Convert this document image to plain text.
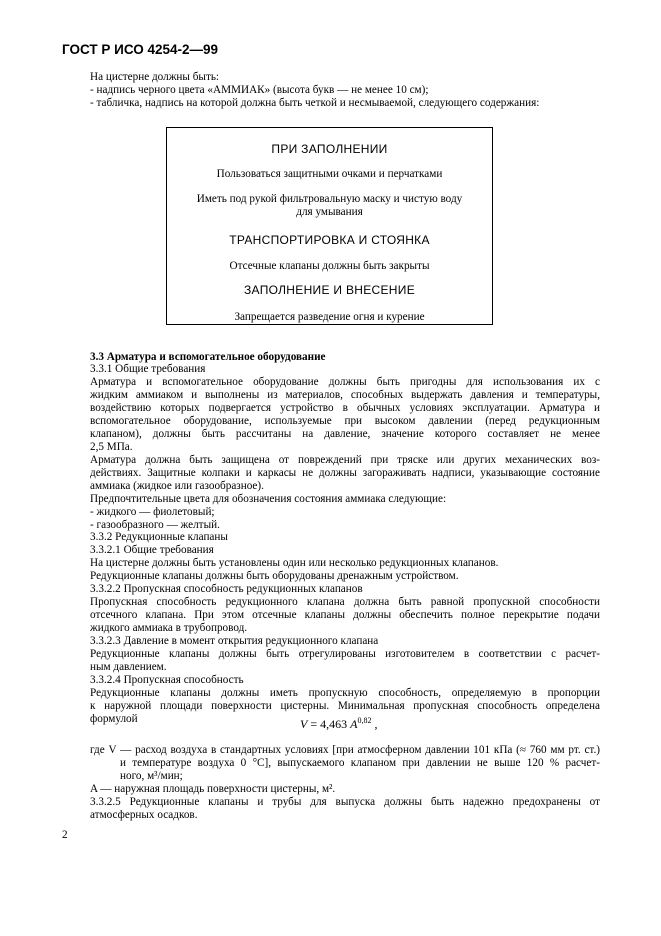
ГОСТ Р ИСО 4254-2—99
На цистерне должны быть:
- надпись черного цвета «АММИАК» (высота букв — не менее 10 см);
- табличка, надпись на которой должна быть четкой и несмываемой, следующего содержания:
ПРИ ЗАПОЛНЕНИИ
Пользоваться защитными очками и перчатками
Иметь под рукой фильтровальную маску и чистую воду
для умывания
ТРАНСПОРТИРОВКА И СТОЯНКА
Отсечные клапаны должны быть закрыты
ЗАПОЛНЕНИЕ И ВНЕСЕНИЕ
Запрещается разведение огня и курение
3.3 Арматура и вспомогательное оборудование
3.3.1 Общие требования
Арматура и вспомогательное оборудование должны быть пригодны для использования их с
жидким аммиаком и выполнены из материалов, способных выдержать давления и температуры,
воздействию которых подвергается устройство в обычных условиях эксплуатации. Арматура и
вспомогательное оборудование, используемые при высоком давлении (перед редукционным
клапаном), должны быть рассчитаны на давление, значение которого составляет не менее
2,5 МПа.
Арматура должна быть защищена от повреждений при тряске или других механических воз-
действиях. Защитные колпаки и каркасы не должны загораживать надписи, указывающие состояние
аммиака (жидкое или газообразное).
Предпочтительные цвета для обозначения состояния аммиака следующие:
- жидкого — фиолетовый;
- газообразного — желтый.
3.3.2 Редукционные клапаны
3.3.2.1 Общие требования
На цистерне должны быть установлены один или несколько редукционных клапанов.
Редукционные клапаны должны быть оборудованы дренажным устройством.
3.3.2.2 Пропускная способность редукционных клапанов
Пропускная способность редукционного клапана должна быть равной пропускной способности
отсечного клапана. При этом отсечные клапаны должны обеспечить полное перекрытие подачи
жидкого аммиака в трубопровод.
3.3.2.3 Давление в момент открытия редукционного клапана
Редукционные клапаны должны быть отрегулированы изготовителем в соответствии с расчет-
ным давлением.
3.3.2.4 Пропускная способность
Редукционные клапаны должны иметь пропускную способность, определяемую в пропорции
к наружной площади поверхности цистерны. Минимальная пропускная способность определена
формулой	V = 4,463 A$^{0,82}$ ,
где V — расход воздуха в стандартных условиях [при атмосферном давлении 101 кПа (≈ 760 мм рт. ст.)
и температуре воздуха 0 °С], выпускаемого клапаном при давлении не выше 120 % расчет-
ного, м³/мин;
A — наружная площадь поверхности цистерны, м².
3.3.2.5 Редукционные клапаны и трубы для выпуска должны быть надежно предохранены от
атмосферных осадков.
2
